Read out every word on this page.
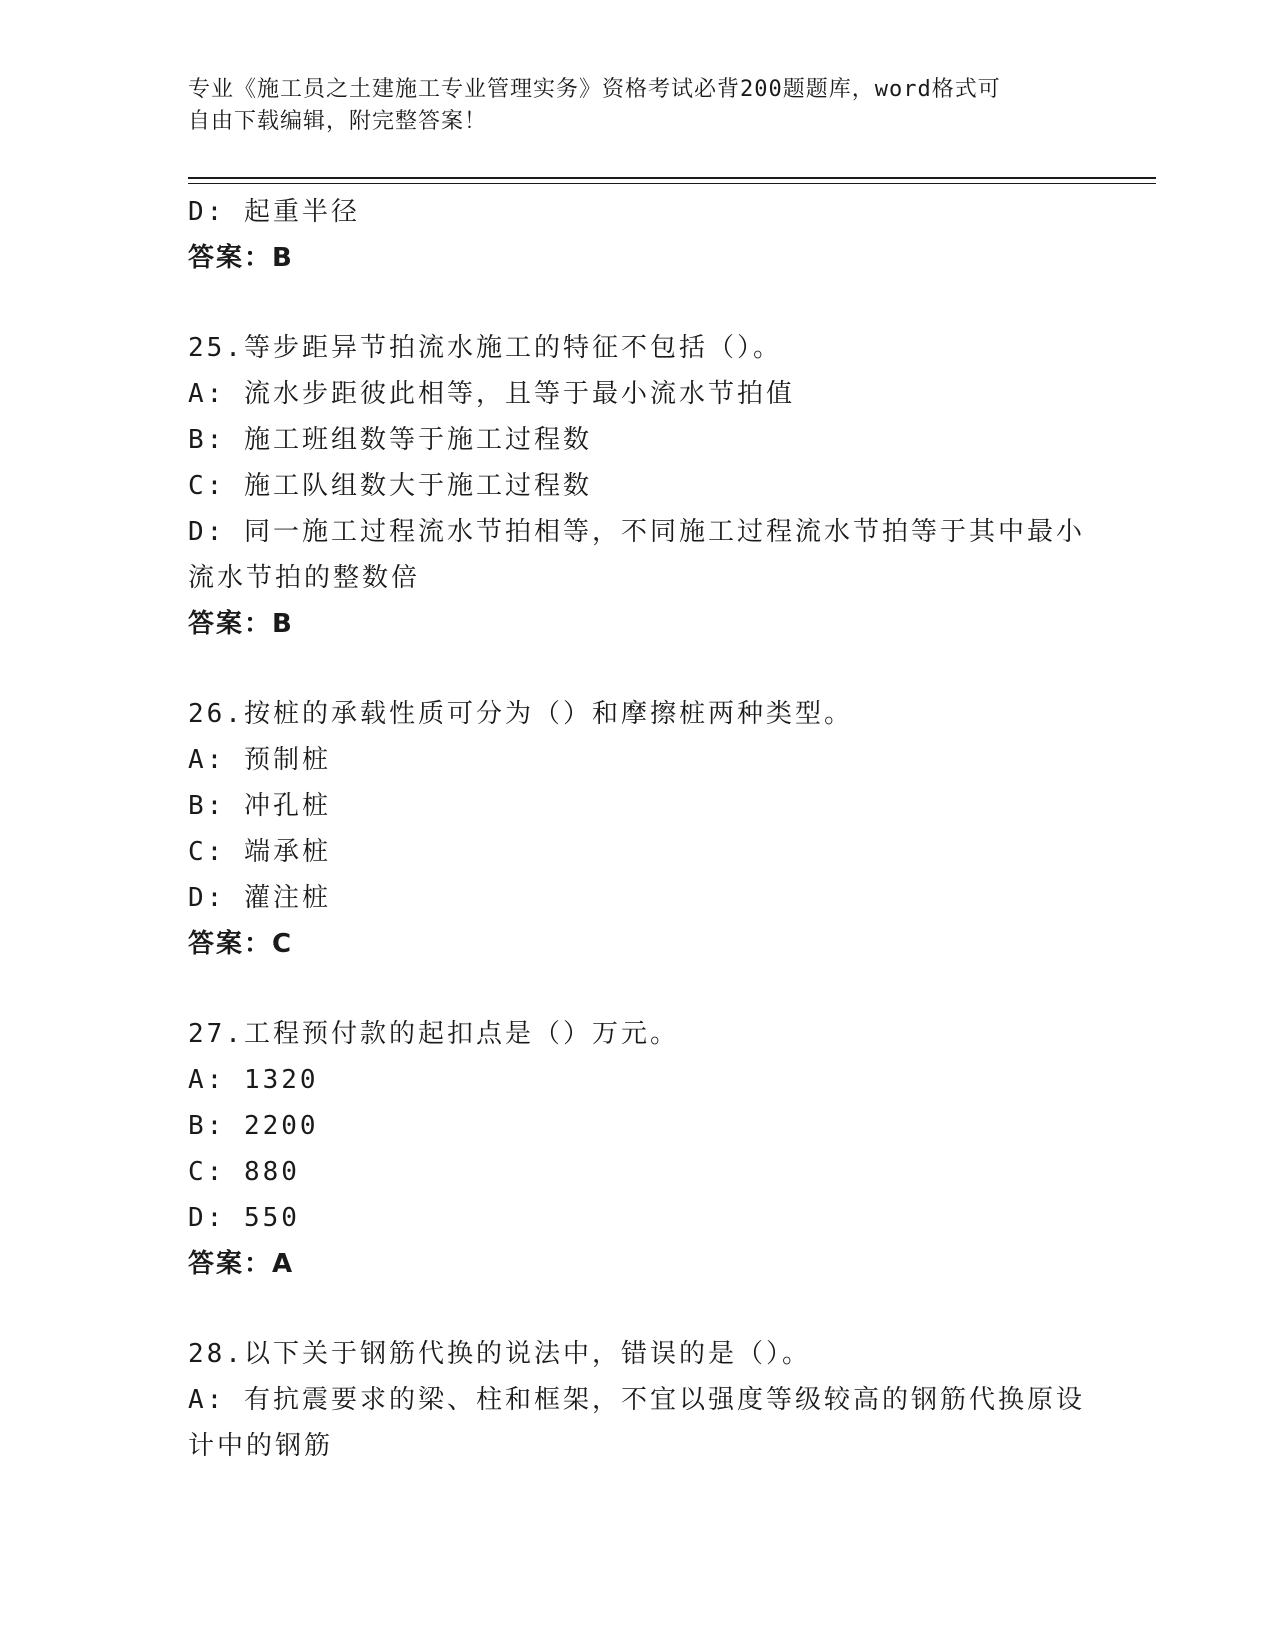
专业《施工员之土建施工专业管理实务》资格考试必背200题题库，word格式可
自由下载编辑，附完整答案！
D: 起重半径
答案：B
25.等步距异节拍流水施工的特征不包括（）。
A: 流水步距彼此相等，且等于最小流水节拍值
B: 施工班组数等于施工过程数
C: 施工队组数大于施工过程数
D: 同一施工过程流水节拍相等，不同施工过程流水节拍等于其中最小
流水节拍的整数倍
答案：B
26.按桩的承载性质可分为（）和摩擦桩两种类型。
A: 预制桩
B: 冲孔桩
C: 端承桩
D: 灌注桩
答案：C
27.工程预付款的起扣点是（）万元。
A: 1320
B: 2200
C: 880
D: 550
答案：A
28.以下关于钢筋代换的说法中，错误的是（）。
A: 有抗震要求的梁、柱和框架，不宜以强度等级较高的钢筋代换原设
计中的钢筋
